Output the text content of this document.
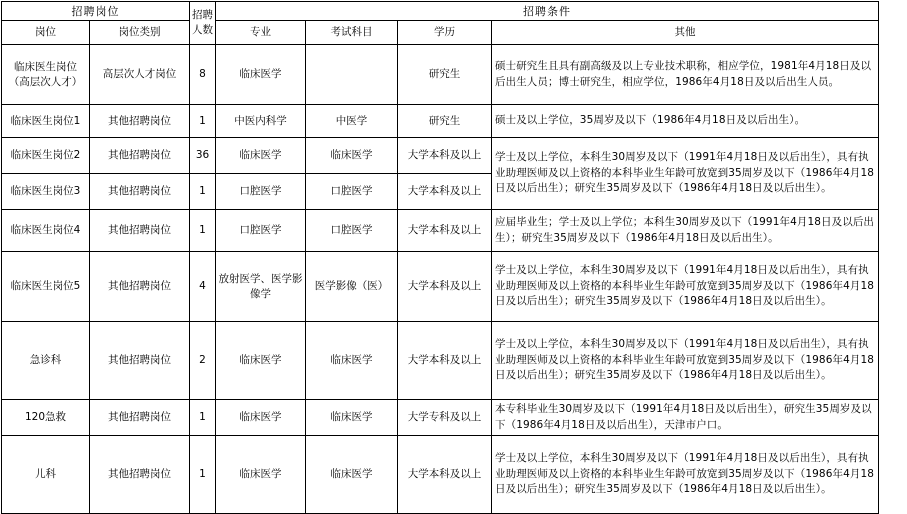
招聘岗位		招聘人数	招聘条件			
岗位	岗位类别		专业	考试科目	学历	其他
临床医生岗位（高层次人才）	高层次人才岗位	8	临床医学		研究生	硕士研究生且具有副高级及以上专业技术职称，相应学位，1981年4月18日及以后出生人员；博士研究生，相应学位，1986年4月18日及以后出生人员。
临床医生岗位1	其他招聘岗位	1	中医内科学	中医学	研究生	硕士及以上学位，35周岁及以下（1986年4月18日及以后出生）。
临床医生岗位2	其他招聘岗位	36	临床医学	临床医学	大学本科及以上	学士及以上学位，本科生30周岁及以下（1991年4月18日及以后出生），具有执业助理医师及以上资格的本科毕业生年龄可放宽到35周岁及以下（1986年4月18日及以后出生）；研究生35周岁及以下（1986年4月18日及以后出生）。
临床医生岗位3	其他招聘岗位	1	口腔医学	口腔医学	大学本科及以上	
临床医生岗位4	其他招聘岗位	1	口腔医学	口腔医学	大学本科及以上	应届毕业生；学士及以上学位；本科生30周岁及以下（1991年4月18日及以后出生）；研究生35周岁及以下（1986年4月18日及以后出生）。
临床医生岗位5	其他招聘岗位	4	放射医学、医学影像学	医学影像（医）	大学本科及以上	学士及以上学位，本科生30周岁及以下（1991年4月18日及以后出生），具有执业助理医师及以上资格的本科毕业生年龄可放宽到35周岁及以下（1986年4月18日及以后出生）；研究生35周岁及以下（1986年4月18日及以后出生）。
急诊科	其他招聘岗位	2	临床医学	临床医学	大学本科及以上	学士及以上学位，本科生30周岁及以下（1991年4月18日及以后出生），具有执业助理医师及以上资格的本科毕业生年龄可放宽到35周岁及以下（1986年4月18日及以后出生）；研究生35周岁及以下（1986年4月18日及以后出生）。
120急救	其他招聘岗位	1	临床医学	临床医学	大学专科及以上	本专科毕业生30周岁及以下（1991年4月18日及以后出生），研究生35周岁及以下（1986年4月18日及以后出生），天津市户口。
儿科	其他招聘岗位	1	临床医学	临床医学	大学本科及以上	学士及以上学位，本科生30周岁及以下（1991年4月18日及以后出生），具有执业助理医师及以上资格的本科毕业生年龄可放宽到35周岁及以下（1986年4月18日及以后出生）；研究生35周岁及以下（1986年4月18日及以后出生）。
